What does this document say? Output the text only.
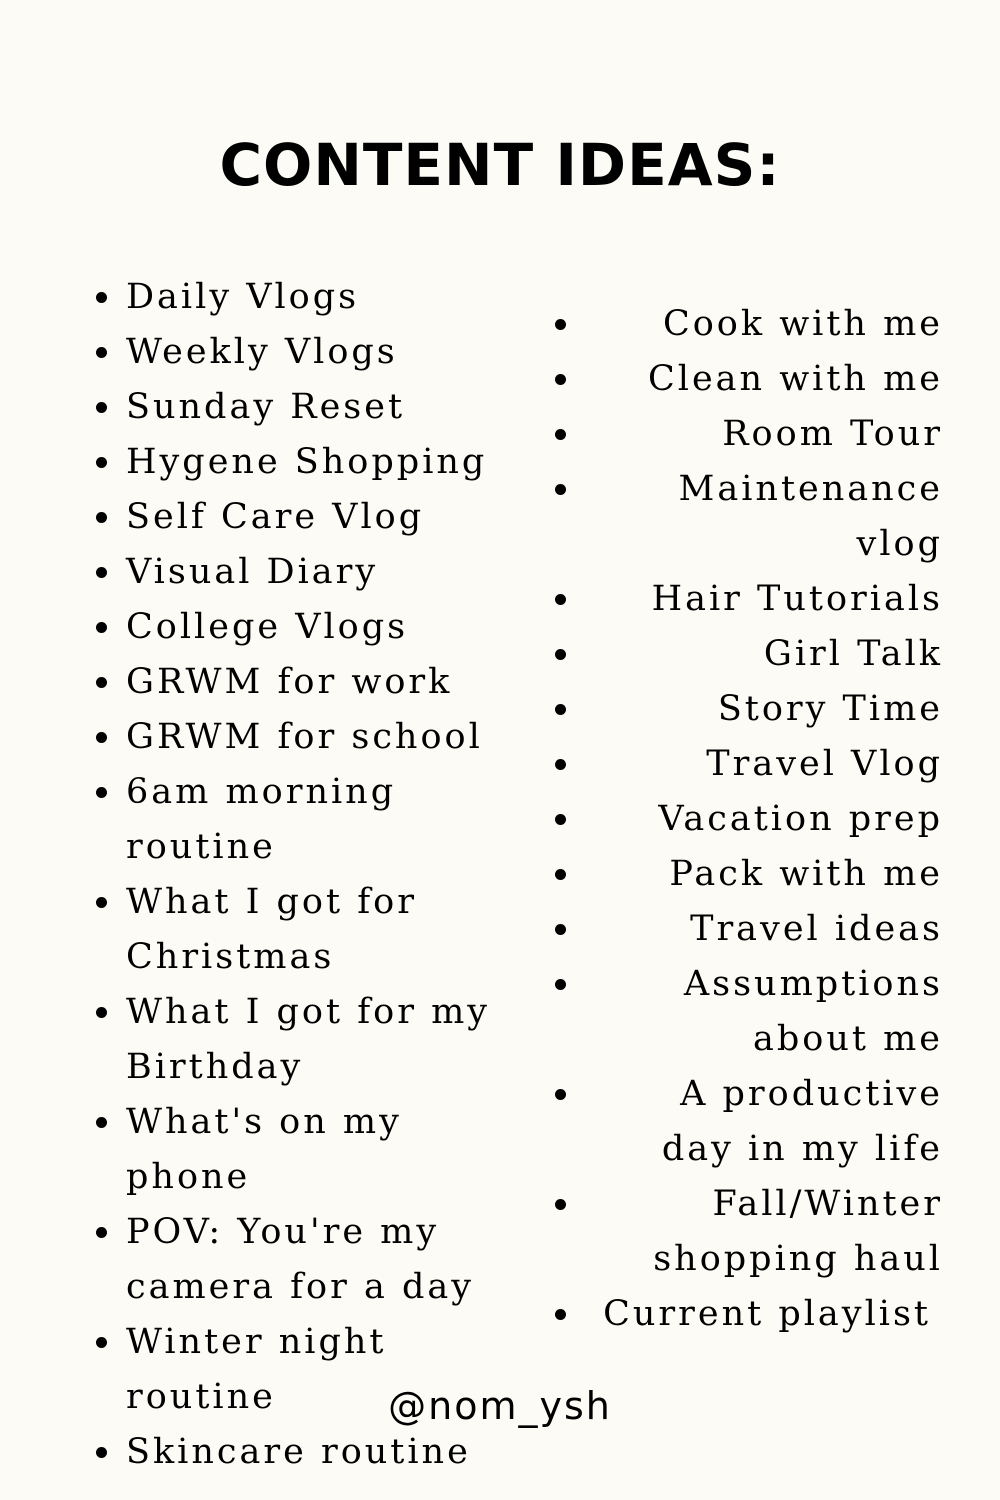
CONTENT IDEAS:
Daily Vlogs
Weekly Vlogs
Sunday Reset
Hygene Shopping
Self Care Vlog
Visual Diary
College Vlogs
GRWM for work
GRWM for school
6am morning routine
What I got for Christmas
What I got for my Birthday
What's on my phone
POV: You're my camera for a day
Winter night routine
Skincare routine
Cook with me
Clean with me
Room Tour
Maintenance vlog
Hair Tutorials
Girl Talk
Story Time
Travel Vlog
Vacation prep
Pack with me
Travel ideas
Assumptions about me
A productive day in my life
Fall/Winter shopping haul
Current playlist
@nom_ysh
